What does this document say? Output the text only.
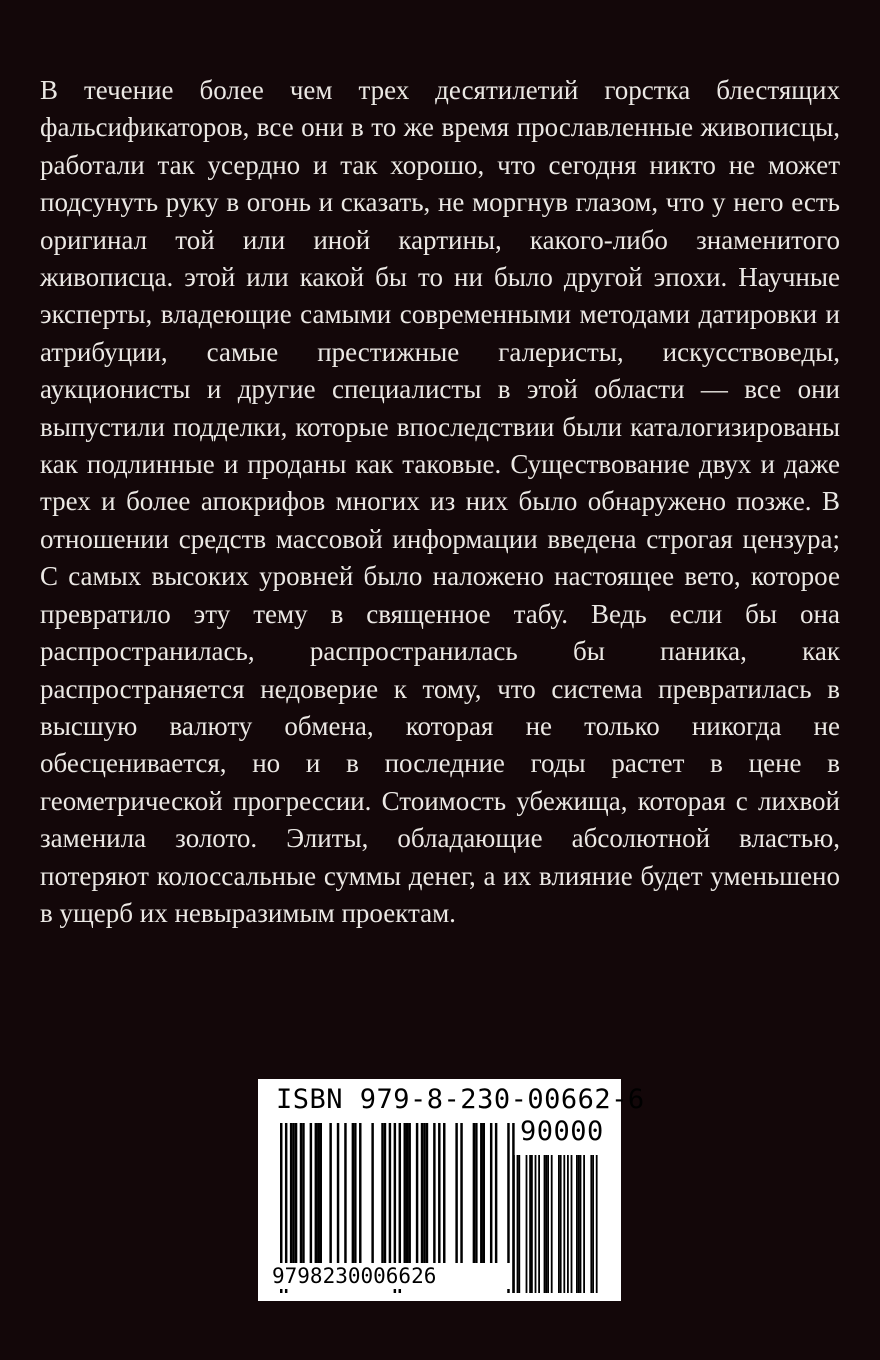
В течение более чем трех десятилетий горстка блестящих фальсификаторов, все они в то же время прославленные живописцы, работали так усердно и так хорошо, что сегодня никто не может подсунуть руку в огонь и сказать, не моргнув глазом, что у него есть оригинал той или иной картины, какого-либо знаменитого живописца. этой или какой бы то ни было другой эпохи. Научные эксперты, владеющие самыми современными методами датировки и атрибуции, самые престижные галеристы, искусствоведы, аукционисты и другие специалисты в этой области — все они выпустили подделки, которые впоследствии были каталогизированы как подлинные и проданы как таковые. Существование двух и даже трех и более апокрифов многих из них было обнаружено позже. В отношении средств массовой информации введена строгая цензура; С самых высоких уровней было наложено настоящее вето, которое превратило эту тему в священное табу. Ведь если бы она распространилась, распространилась бы паника, как распространяется недоверие к тому, что система превратилась в высшую валюту обмена, которая не только никогда не обесценивается, но и в последние годы растет в цене в геометрической прогрессии. Стоимость убежища, которая с лихвой заменила золото. Элиты, обладающие абсолютной властью, потеряют колоссальные суммы денег, а их влияние будет уменьшено в ущерб их невыразимым проектам.

ISBN 979-8-230-00662-6
90000
9798230006626
